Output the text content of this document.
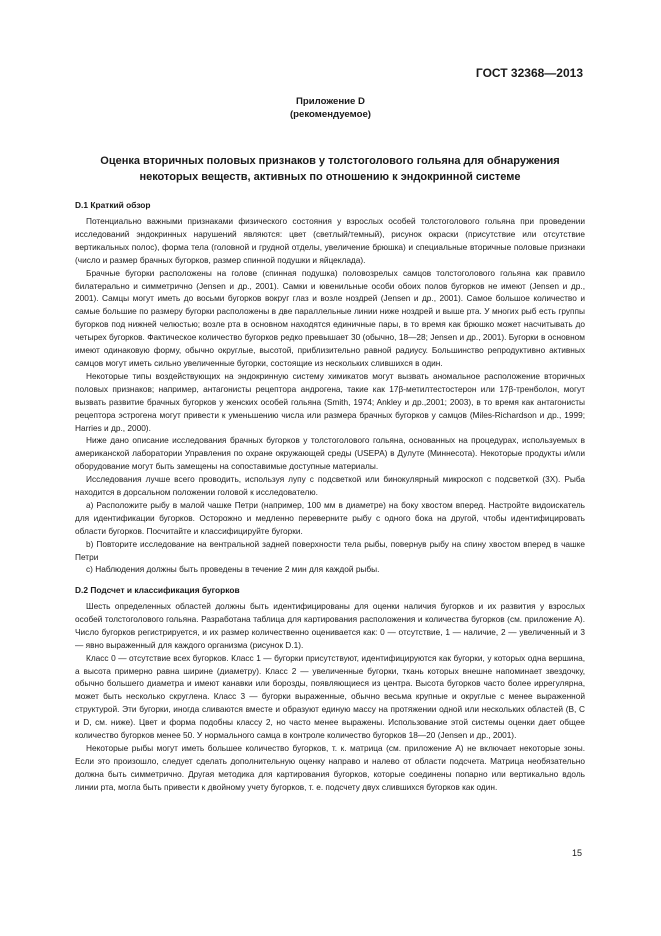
ГОСТ 32368—2013
Приложение D
(рекомендуемое)
Оценка вторичных половых признаков у толстоголового гольяна для обнаружения
некоторых веществ, активных по отношению к эндокринной системе
D.1 Краткий обзор

Потенциально важными признаками физического состояния у взрослых особей толстоголового гольяна при проведении исследований эндокринных нарушений являются: цвет (светлый/темный), рисунок окраски (присутствие или отсутствие вертикальных полос), форма тела (головной и грудной отделы, увеличение брюшка) и специальные вторичные половые признаки (число и размер брачных бугорков, размер спинной подушки и яйцеклада).

Брачные бугорки расположены на голове (спинная подушка) половозрелых самцов толстоголового гольяна как правило билатерально и симметрично (Jensen и др., 2001). Самки и ювенильные особи обоих полов бугорков не имеют (Jensen и др., 2001). Самцы могут иметь до восьми бугорков вокруг глаз и возле ноздрей (Jensen и др., 2001). Самое большое количество и самые большие по размеру бугорки расположены в две параллельные линии ниже ноздрей и выше рта. У многих рыб есть группы бугорков под нижней челюстью; возле рта в основном находятся единичные пары, в то время как брюшко может насчитывать до четырех бугорков. Фактическое количество бугорков редко превышает 30 (обычно, 18—28; Jensen и др., 2001). Бугорки в основном имеют одинаковую форму, обычно округлые, высотой, приблизительно равной радиусу. Большинство репродуктивно активных самцов могут иметь сильно увеличенные бугорки, состоящие из нескольких слившихся в один.

Некоторые типы воздействующих на эндокринную систему химикатов могут вызвать аномальное расположение вторичных половых признаков; например, антагонисты рецептора андрогена, такие как 17β-метилтестостерон или 17β-тренболон, могут вызвать развитие брачных бугорков у женских особей гольяна (Smith, 1974; Ankley и др.,2001; 2003), в то время как антагонисты рецептора эстрогена могут привести к уменьшению числа или размера брачных бугорков у самцов (Miles-Richardson и др., 1999; Harries и др., 2000).

Ниже дано описание исследования брачных бугорков у толстоголового гольяна, основанных на процедурах, используемых в американской лаборатории Управления по охране окружающей среды (USEPA) в Дулуте (Миннесота). Некоторые продукты и/или оборудование могут быть замещены на сопоставимые доступные материалы.

Исследования лучше всего проводить, используя лупу с подсветкой или бинокулярный микроскоп с подсветкой (3Х). Рыба находится в дорсальном положении головой к исследователю.

a) Расположите рыбу в малой чашке Петри (например, 100 мм в диаметре) на боку хвостом вперед. Настройте видоискатель для идентификации бугорков. Осторожно и медленно переверните рыбу с одного бока на другой, чтобы идентифицировать области бугорков. Посчитайте и классифицируйте бугорки.

b) Повторите исследование на вентральной задней поверхности тела рыбы, повернув рыбу на спину хвостом вперед в чашке Петри

c) Наблюдения должны быть проведены в течение 2 мин для каждой рыбы.

D.2 Подсчет и классификация бугорков

Шесть определенных областей должны быть идентифицированы для оценки наличия бугорков и их развития у взрослых особей толстоголового гольяна. Разработана таблица для картирования расположения и количества бугорков (см. приложение А). Число бугорков регистрируется, и их размер количественно оценивается как: 0 — отсутствие, 1 — наличие, 2 — увеличенный и 3 — явно выраженный для каждого организма (рисунок D.1).

Класс 0 — отсутствие всех бугорков. Класс 1 — бугорки присутствуют, идентифицируются как бугорки, у которых одна вершина, а высота примерно равна ширине (диаметру). Класс 2 — увеличенные бугорки, ткань которых внешне напоминает звездочку, обычно большего диаметра и имеют канавки или борозды, появляющиеся из центра. Высота бугорков часто более иррегулярна, может быть несколько скруглена. Класс 3 — бугорки выраженные, обычно весьма крупные и округлые с менее выраженной структурой. Эти бугорки, иногда сливаются вместе и образуют единую массу на протяжении одной или нескольких областей (B, C и D, см. ниже). Цвет и форма подобны классу 2, но часто менее выражены. Использование этой системы оценки дает общее количество бугорков менее 50. У нормального самца в контроле количество бугорков 18—20 (Jensen и др., 2001).

Некоторые рыбы могут иметь большее количество бугорков, т. к. матрица (см. приложение A) не включает некоторые зоны. Если это произошло, следует сделать дополнительную оценку направо и налево от области подсчета. Матрица необязательно должна быть симметрично. Другая методика для картирования бугорков, которые соединены попарно или вертикально вдоль линии рта, могла быть привести к двойному учету бугорков, т. е. подсчету двух слившихся бугорков как один.

15
